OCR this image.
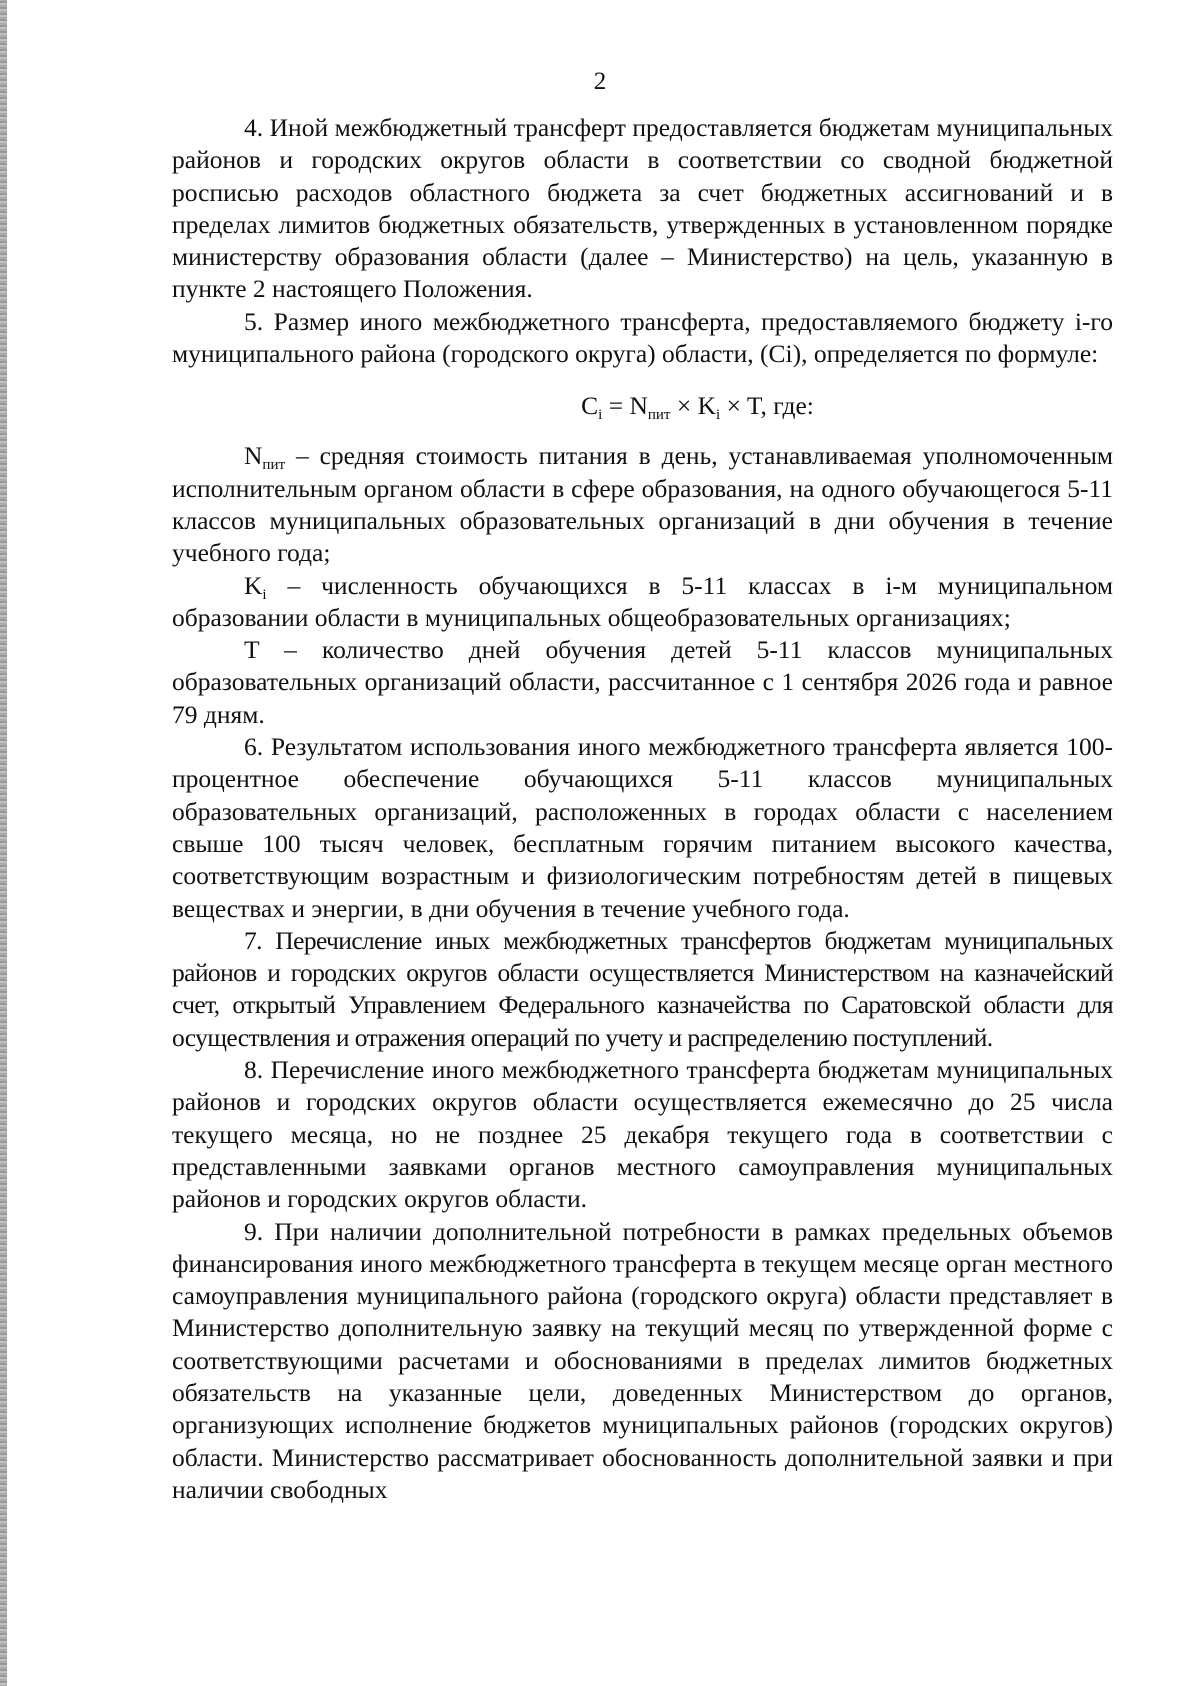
2

4. Иной межбюджетный трансферт предоставляется бюджетам муниципальных районов и городских округов области в соответствии со сводной бюджетной росписью расходов областного бюджета за счет бюджетных ассигнований и в пределах лимитов бюджетных обязательств, утвержденных в установленном порядке министерству образования области (далее – Министерство) на цель, указанную в пункте 2 настоящего Положения.

5. Размер иного межбюджетного трансферта, предоставляемого бюджету i-го муниципального района (городского округа) области, (Ci), определяется по формуле:

$C_i = N_{пит} \times K_i \times T$, где:

$N_{пит}$ – средняя стоимость питания в день, устанавливаемая уполномоченным исполнительным органом области в сфере образования, на одного обучающегося 5-11 классов муниципальных образовательных организаций в дни обучения в течение учебного года;

$K_i$ – численность обучающихся в 5-11 классах в i-м муниципальном образовании области в муниципальных общеобразовательных организациях;

T – количество дней обучения детей 5-11 классов муниципальных образовательных организаций области, рассчитанное с 1 сентября 2026 года и равное 79 дням.

6. Результатом использования иного межбюджетного трансферта является 100-процентное обеспечение обучающихся 5-11 классов муниципальных образовательных организаций, расположенных в городах области с населением свыше 100 тысяч человек, бесплатным горячим питанием высокого качества, соответствующим возрастным и физиологическим потребностям детей в пищевых веществах и энергии, в дни обучения в течение учебного года.

7. Перечисление иных межбюджетных трансфертов бюджетам муниципальных районов и городских округов области осуществляется Министерством на казначейский счет, открытый Управлением Федерального казначейства по Саратовской области для осуществления и отражения операций по учету и распределению поступлений.

8. Перечисление иного межбюджетного трансферта бюджетам муниципальных районов и городских округов области осуществляется ежемесячно до 25 числа текущего месяца, но не позднее 25 декабря текущего года в соответствии с представленными заявками органов местного самоуправления муниципальных районов и городских округов области.

9. При наличии дополнительной потребности в рамках предельных объемов финансирования иного межбюджетного трансферта в текущем месяце орган местного самоуправления муниципального района (городского округа) области представляет в Министерство дополнительную заявку на текущий месяц по утвержденной форме с соответствующими расчетами и обоснованиями в пределах лимитов бюджетных обязательств на указанные цели, доведенных Министерством до органов, организующих исполнение бюджетов муниципальных районов (городских округов) области. Министерство рассматривает обоснованность дополнительной заявки и при наличии свободных
